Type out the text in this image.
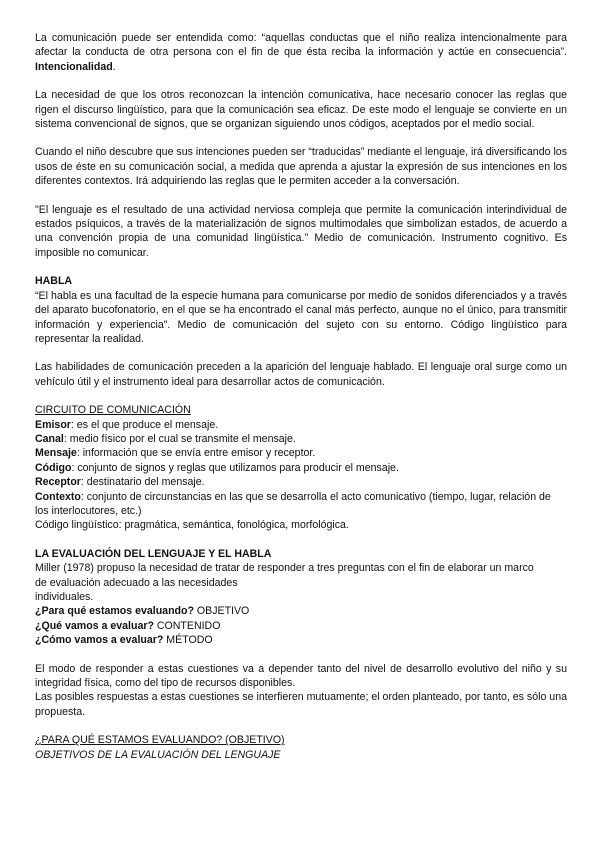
La comunicación puede ser entendida como: “aquellas conductas que el niño realiza intencionalmente para afectar la conducta de otra persona con el fin de que ésta reciba la información y actúe en consecuencia”. Intencionalidad.

La necesidad de que los otros reconozcan la intención comunicativa, hace necesario conocer las reglas que rigen el discurso lingüístico, para que la comunicación sea eficaz. De este modo el lenguaje se convierte en un sistema convencional de signos, que se organizan siguiendo unos códigos, aceptados por el medio social.

Cuando el niño descubre que sus intenciones pueden ser “traducidas” mediante el lenguaje, irá diversificando los usos de éste en su comunicación social, a medida que aprenda a ajustar la expresión de sus intenciones en los diferentes contextos. Irá adquiriendo las reglas que le permiten acceder a la conversación.

"El lenguaje es el resultado de una actividad nerviosa compleja que permite la comunicación interindividual de estados psíquicos, a través de la materialización de signos multimodales que simbolizan estados, de acuerdo a una convención propia de una comunidad lingüística." Medio de comunicación. Instrumento cognitivo. Es imposible no comunicar.

HABLA

“El habla es una facultad de la especie humana para comunicarse por medio de sonidos diferenciados y a través del aparato bucofonatorio, en el que se ha encontrado el canal más perfecto, aunque no el único, para transmitir información y experiencia”. Medio de comunicación del sujeto con su entorno. Código lingüístico para representar la realidad.

Las habilidades de comunicación preceden a la aparición del lenguaje hablado. El lenguaje oral surge como un vehículo útil y el instrumento ideal para desarrollar actos de comunicación.

CIRCUITO DE COMUNICACIÓN

Emisor: es el que produce el mensaje.

Canal: medio físico por el cual se transmite el mensaje.

Mensaje: información que se envía entre emisor y receptor.

Código: conjunto de signos y reglas que utilizamos para producir el mensaje.

Receptor: destinatario del mensaje.

Contexto: conjunto de circunstancias en las que se desarrolla el acto comunicativo (tiempo, lugar, relación de los interlocutores, etc.)

Código lingüístico: pragmática, semántica, fonológica, morfológica.

LA EVALUACIÓN DEL LENGUAJE Y EL HABLA

Miller (1978) propuso la necesidad de tratar de responder a tres preguntas con el fin de elaborar un marco
de evaluación adecuado a las necesidades
individuales.

¿Para qué estamos evaluando? OBJETIVO

¿Qué vamos a evaluar? CONTENIDO

¿Cómo vamos a evaluar? MÉTODO

El modo de responder a estas cuestiones va a depender tanto del nivel de desarrollo evolutivo del niño y su integridad física, como del tipo de recursos disponibles.

Las posibles respuestas a estas cuestiones se interfieren mutuamente; el orden planteado, por tanto, es sólo una propuesta.

¿PARA QUÉ ESTAMOS EVALUANDO? (OBJETIVO)

OBJETIVOS DE LA EVALUACIÓN DEL LENGUAJE
